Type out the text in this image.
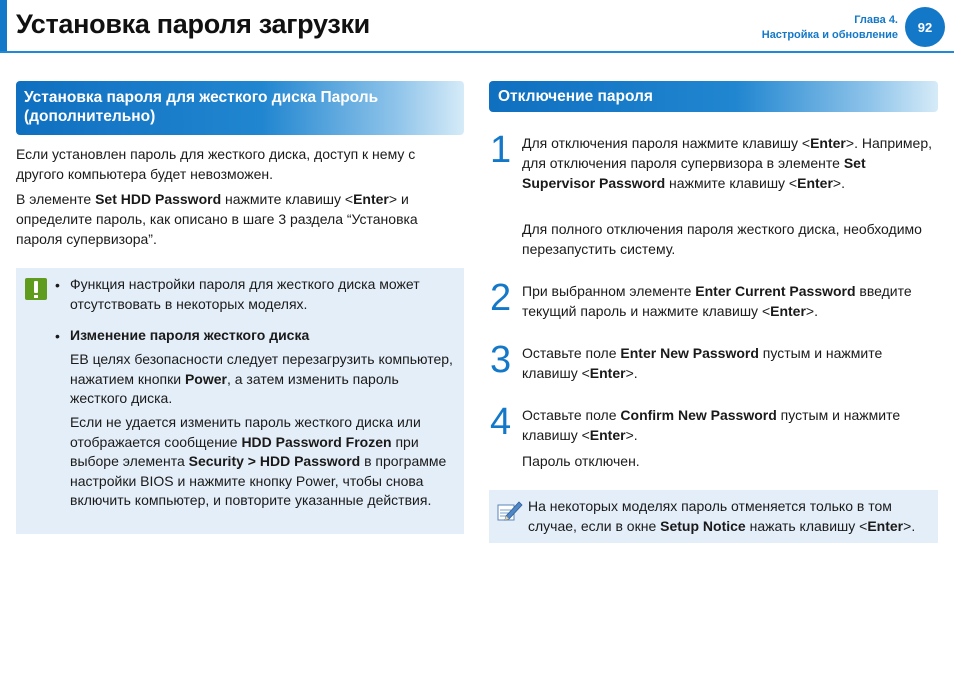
Установка пароля загрузки	Глава 4.
Настройка и обновление
92
Установка пароля для жесткого диска Пароль (дополнительно)

Если установлен пароль для жесткого диска, доступ к нему с другого компьютера будет невозможен.

В элементе Set HDD Password нажмите клавишу <Enter> и определите пароль, как описано в шаге 3 раздела “Установка пароля супервизора”.

• Функция настройки пароля для жесткого диска может отсутствовать в некоторых моделях.

• Изменение пароля жесткого диска

EВ целях безопасности следует перезагрузить компьютер, нажатием кнопки Power, а затем изменить пароль жесткого диска.

Если не удается изменить пароль жесткого диска или отображается сообщение HDD Password Frozen при выборе элемента Security > HDD Password в программе настройки BIOS и нажмите кнопку Power, чтобы снова включить компьютер, и повторите указанные действия.

Отключение пароля
1 Для отключения пароля нажмите клавишу <Enter>. Например, для отключения пароля супервизора в элементе Set Supervisor Password нажмите клавишу <Enter>.

Для полного отключения пароля жесткого диска, необходимо перезапустить систему.

2 При выбранном элементе Enter Current Password введите текущий пароль и нажмите клавишу <Enter>.

3 Оставьте поле Enter New Password пустым и нажмите клавишу <Enter>.

4 Оставьте поле Confirm New Password пустым и нажмите клавишу <Enter>.

Пароль отключен.

На некоторых моделях пароль отменяется только в том случае, если в окне Setup Notice нажать клавишу <Enter>.
